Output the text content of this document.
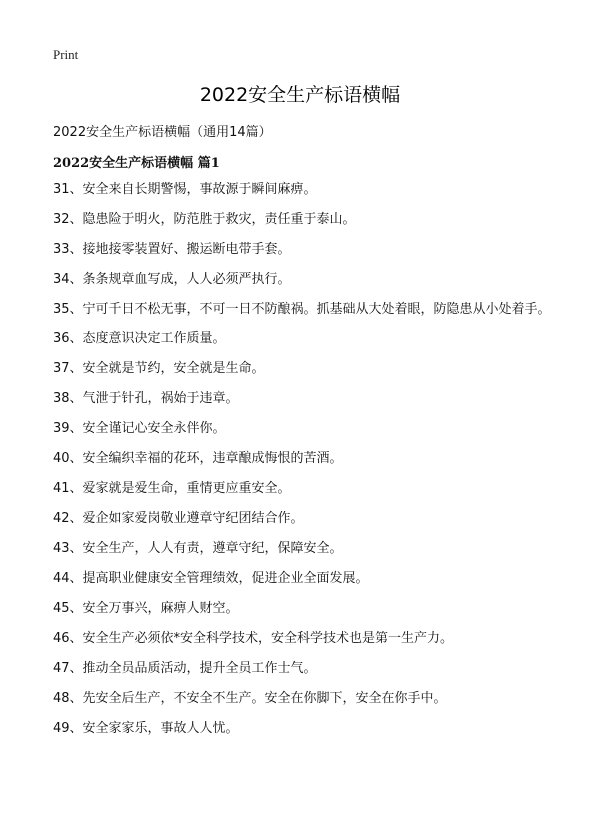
Print
2022安全生产标语横幅

2022安全生产标语横幅（通用14篇）

2022安全生产标语横幅 篇1

31、安全来自长期警惕，事故源于瞬间麻痹。
32、隐患险于明火，防范胜于救灾，责任重于泰山。
33、接地接零装置好、搬运断电带手套。
34、条条规章血写成，人人必须严执行。
35、宁可千日不松无事，不可一日不防酿祸。抓基础从大处着眼，防隐患从小处着手。
36、态度意识决定工作质量。
37、安全就是节约，安全就是生命。
38、气泄于针孔，祸始于违章。
39、安全谨记心安全永伴你。
40、安全编织幸福的花环，违章酿成悔恨的苦酒。
41、爱家就是爱生命，重情更应重安全。
42、爱企如家爱岗敬业遵章守纪团结合作。
43、安全生产，人人有责，遵章守纪，保障安全。
44、提高职业健康安全管理绩效，促进企业全面发展。
45、安全万事兴，麻痹人财空。
46、安全生产必须依*安全科学技术，安全科学技术也是第一生产力。
47、推动全员品质活动，提升全员工作士气。
48、先安全后生产，不安全不生产。安全在你脚下，安全在你手中。
49、安全家家乐，事故人人忧。
